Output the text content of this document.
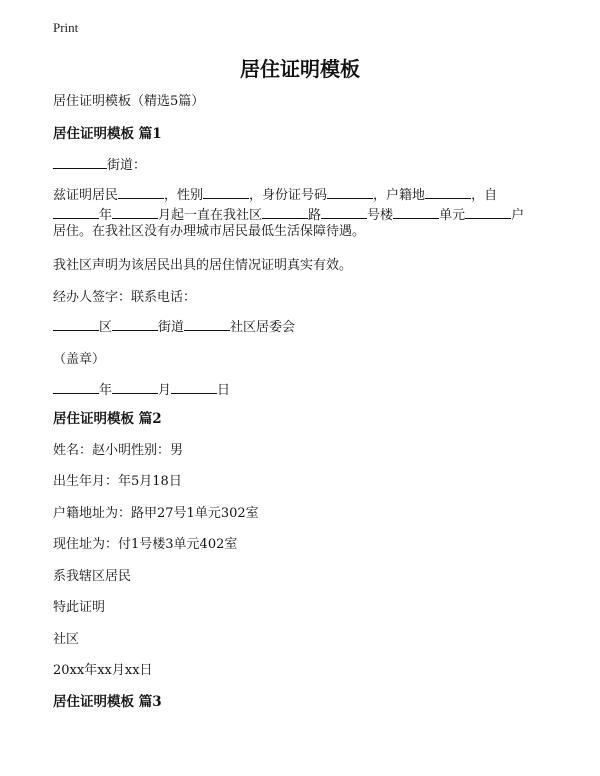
Print
居住证明模板
居住证明模板（精选5篇）
居住证明模板 篇1
街道：
兹证明居民	，性别	，身份证号码	，户籍地	，自
年	月起一直在我社区	路	号楼	单元	户
居住。在我社区没有办理城市居民最低生活保障待遇。
我社区声明为该居民出具的居住情况证明真实有效。
经办人签字：联系电话：
区	街道	社区居委会
（盖章）
年	月	日
居住证明模板 篇2
姓名：赵小明性别：男
出生年月：年5月18日
户籍地址为：路甲27号1单元302室
现住址为：付1号楼3单元402室
系我辖区居民
特此证明
社区
20xx年xx月xx日
居住证明模板 篇3
